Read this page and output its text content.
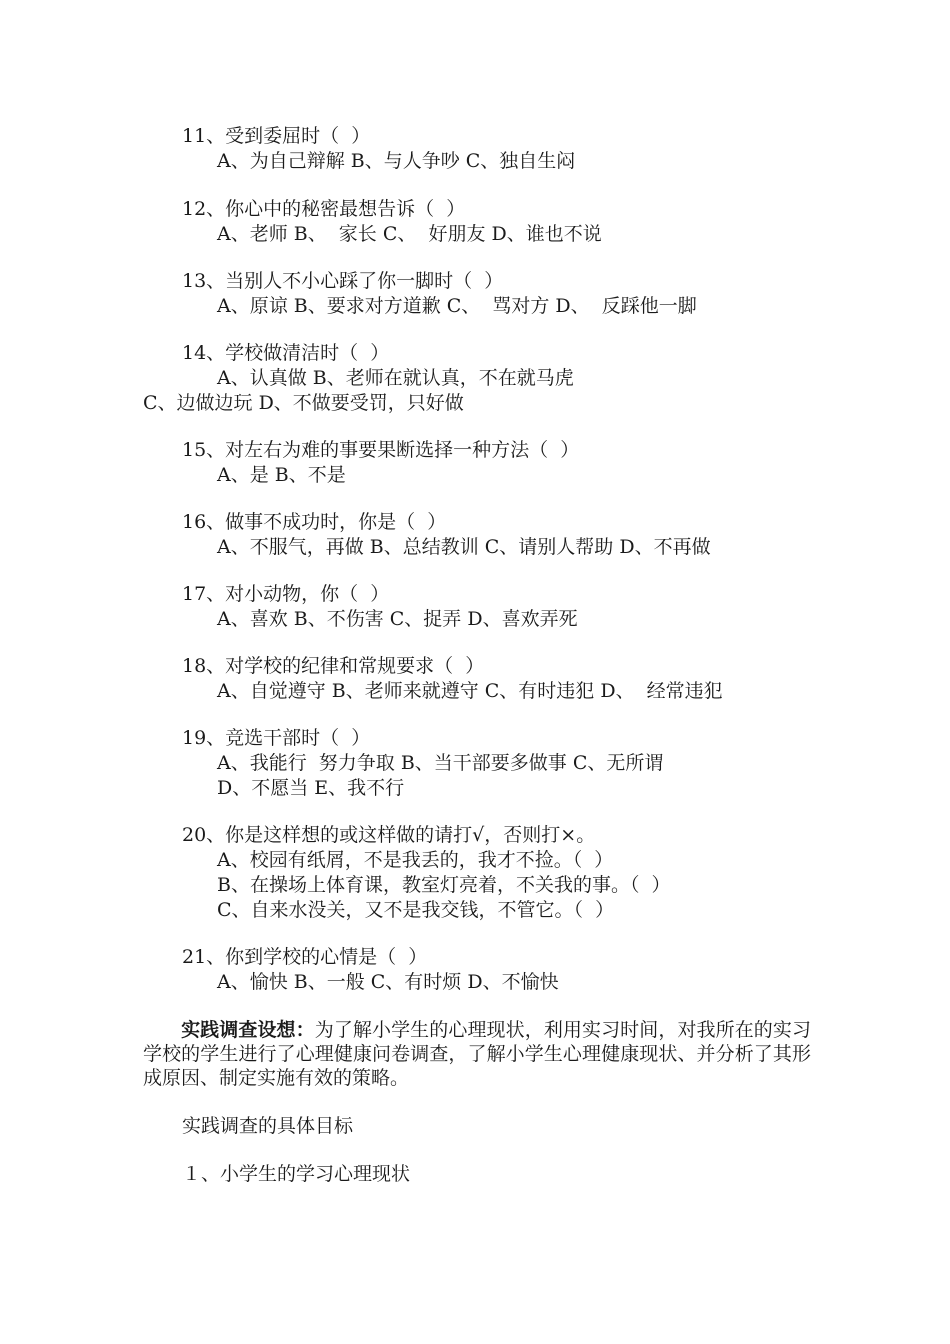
11、受到委屈时（  ）
A、为自己辩解 B、与人争吵 C、独自生闷
12、你心中的秘密最想告诉（  ）
A、老师 B、  家长 C、  好朋友 D、谁也不说
13、当别人不小心踩了你一脚时（  ）
A、原谅 B、要求对方道歉 C、  骂对方 D、  反踩他一脚
14、学校做清洁时（  ）
A、认真做 B、老师在就认真，不在就马虎
C、边做边玩 D、不做要受罚，只好做
15、对左右为难的事要果断选择一种方法（  ）
A、是 B、不是
16、做事不成功时，你是（  ）
A、不服气，再做 B、总结教训 C、请别人帮助 D、不再做
17、对小动物，你（  ）
A、喜欢 B、不伤害 C、捉弄 D、喜欢弄死
18、对学校的纪律和常规要求（  ）
A、自觉遵守 B、老师来就遵守 C、有时违犯 D、  经常违犯
19、竞选干部时（  ）
A、我能行  努力争取 B、当干部要多做事 C、无所谓
D、不愿当 E、我不行
20、你是这样想的或这样做的请打√，否则打×。
A、校园有纸屑，不是我丢的，我才不捡。（  ）
B、在操场上体育课，教室灯亮着，不关我的事。（  ）
C、自来水没关，又不是我交钱，不管它。（  ）
21、你到学校的心情是（  ）
A、愉快 B、一般 C、有时烦 D、不愉快
实践调查设想：为了解小学生的心理现状，利用实习时间，对我所在的实习学校的学生进行了心理健康问卷调查，了解小学生心理健康现状、并分析了其形成原因、制定实施有效的策略。
实践调查的具体目标
１、小学生的学习心理现状
